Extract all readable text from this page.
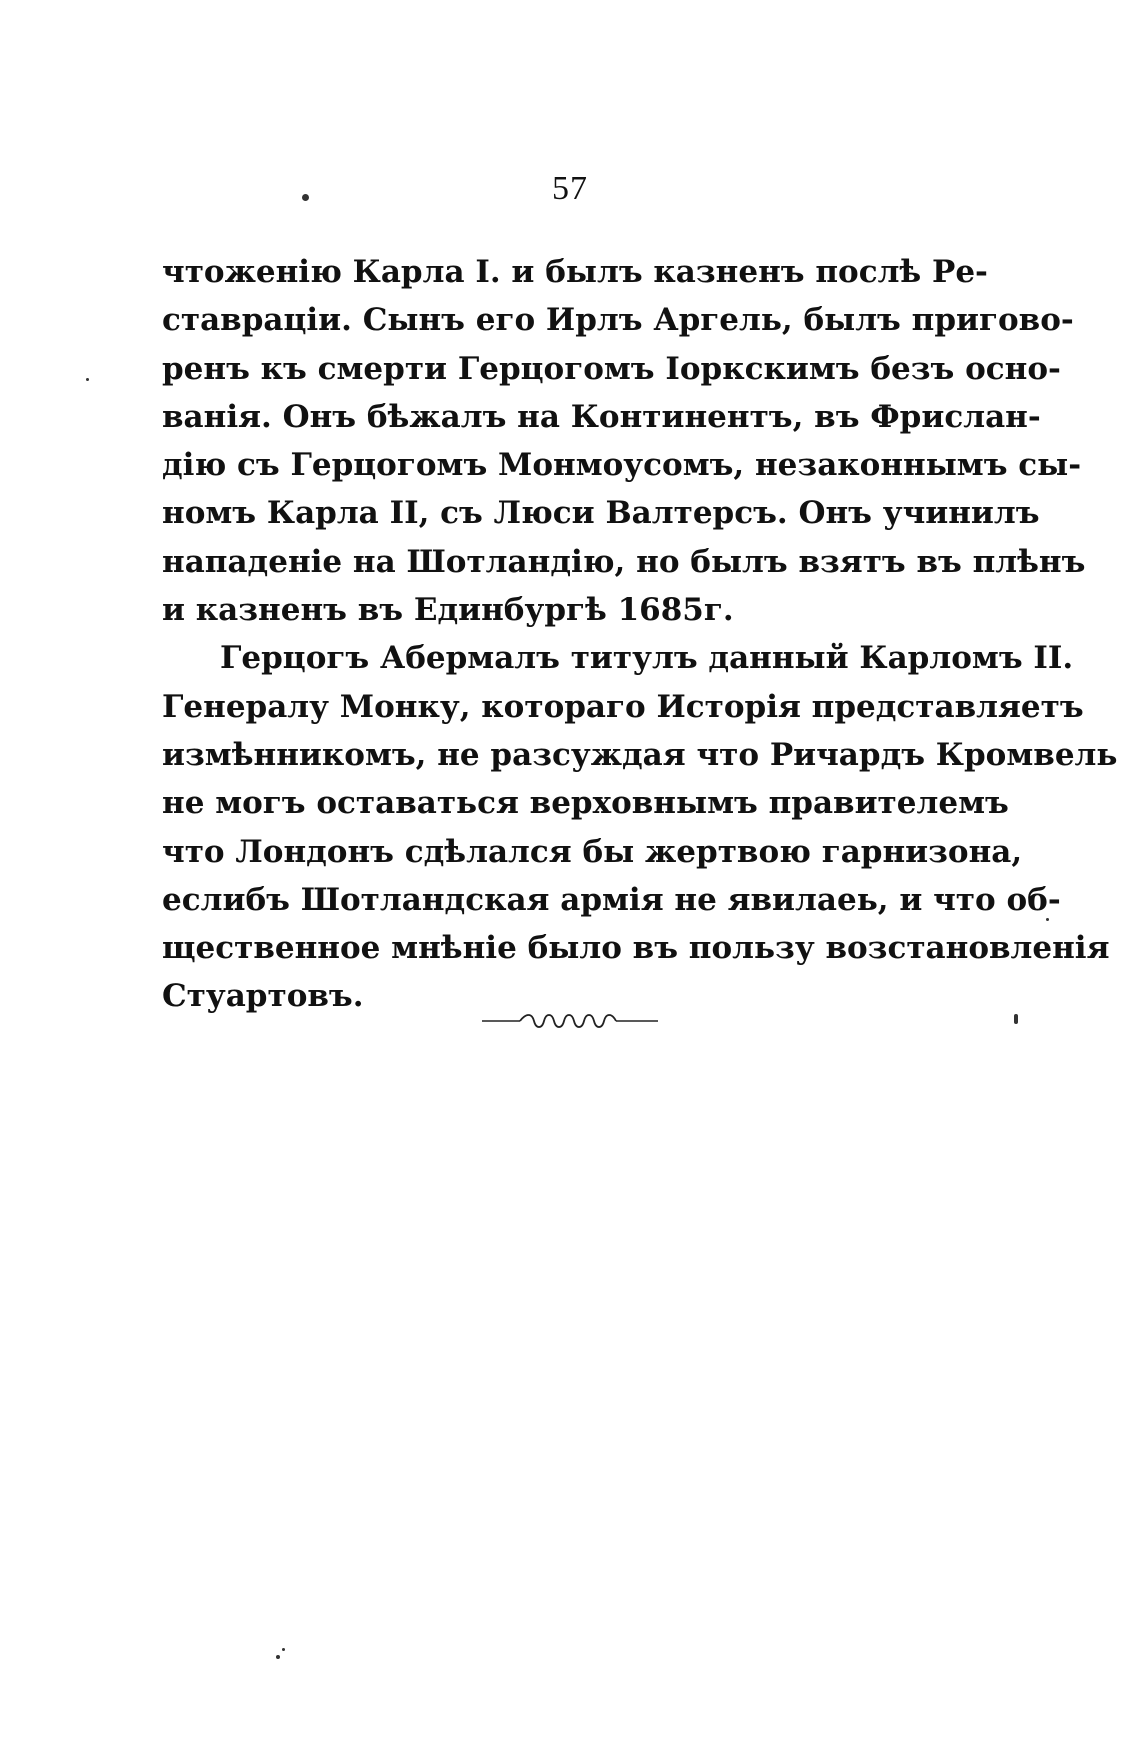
57
чтоженію Карла I. и былъ казненъ послѣ Ре-
ставраціи. Сынъ его Ирлъ Аргель, былъ пригово-
ренъ къ смерти Герцогомъ Іоркскимъ безъ осно-
ванія. Онъ бѣжалъ на Континентъ, въ Фрислан-
дію съ Герцогомъ Монмоусомъ, незаконнымъ сы-
номъ Карла II, съ Люси Валтерсъ. Онъ учинилъ
нападеніе на Шотландію, но былъ взятъ въ плѣнъ
и казненъ въ Единбургѣ 1685г.
Герцогъ Абермалъ титулъ данный Карломъ II.
Генералу Монку, котораго Исторія представляетъ
измѣнникомъ, не разсуждая что Ричардъ Кромвель
не могъ оставаться верховнымъ правителемъ
что Лондонъ сдѣлался бы жертвою гарнизона,
еслибъ Шотландская армія не явилаеь, и что об-
щественное мнѣніе было въ пользу возстановленія
Стуартовъ.
